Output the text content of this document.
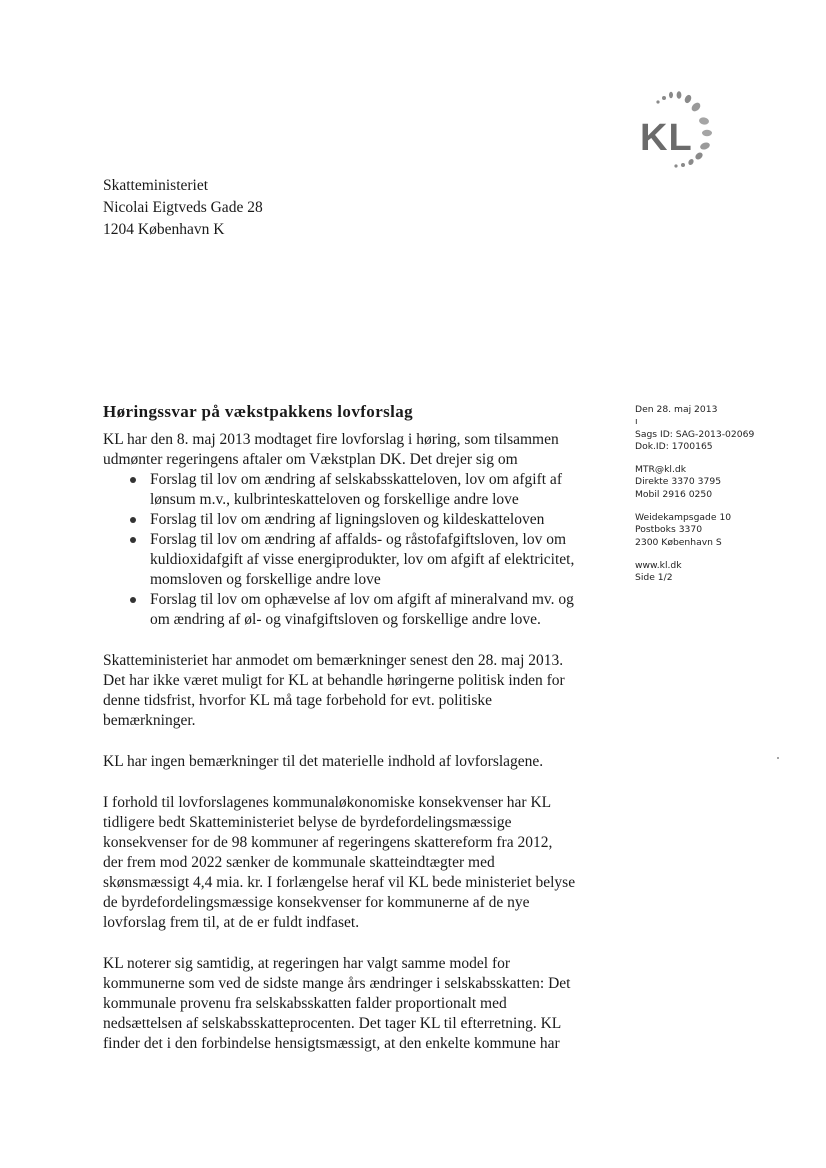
KL
Skatteministeriet
Nicolai Eigtveds Gade 28
1204 København K
Høringssvar på vækstpakkens lovforslag	Den 28. maj 2013
ı
Sags ID: SAG-2013-02069
Dok.ID: 1700165
MTR@kl.dk
Direkte 3370 3795
Mobil 2916 0250
Weidekampsgade 10
Postboks 3370
2300 København S
www.kl.dk
Side 1/2

KL har den 8. maj 2013 modtaget fire lovforslag i høring, som tilsammen
udmønter regeringens aftaler om Vækstplan DK. Det drejer sig om

Forslag til lov om ændring af selskabsskatteloven, lov om afgift af
lønsum m.v., kulbrinteskatteloven og forskellige andre love
Forslag til lov om ændring af ligningsloven og kildeskatteloven
Forslag til lov om ændring af affalds- og råstofafgiftsloven, lov om
kuldioxidafgift af visse energiprodukter, lov om afgift af elektricitet,
momsloven og forskellige andre love
Forslag til lov om ophævelse af lov om afgift af mineralvand mv. og
om ændring af øl- og vinafgiftsloven og forskellige andre love.

Skatteministeriet har anmodet om bemærkninger senest den 28. maj 2013.
Det har ikke været muligt for KL at behandle høringerne politisk inden for
denne tidsfrist, hvorfor KL må tage forbehold for evt. politiske
bemærkninger.

KL har ingen bemærkninger til det materielle indhold af lovforslagene.

I forhold til lovforslagenes kommunaløkonomiske konsekvenser har KL
tidligere bedt Skatteministeriet belyse de byrdefordelingsmæssige
konsekvenser for de 98 kommuner af regeringens skattereform fra 2012,
der frem mod 2022 sænker de kommunale skatteindtægter med
skønsmæssigt 4,4 mia. kr. I forlængelse heraf vil KL bede ministeriet belyse
de byrdefordelingsmæssige konsekvenser for kommunerne af de nye
lovforslag frem til, at de er fuldt indfaset.

KL noterer sig samtidig, at regeringen har valgt samme model for
kommunerne som ved de sidste mange års ændringer i selskabsskatten: Det
kommunale provenu fra selskabsskatten falder proportionalt med
nedsættelsen af selskabsskatteprocenten. Det tager KL til efterretning. KL
finder det i den forbindelse hensigtsmæssigt, at den enkelte kommune har
